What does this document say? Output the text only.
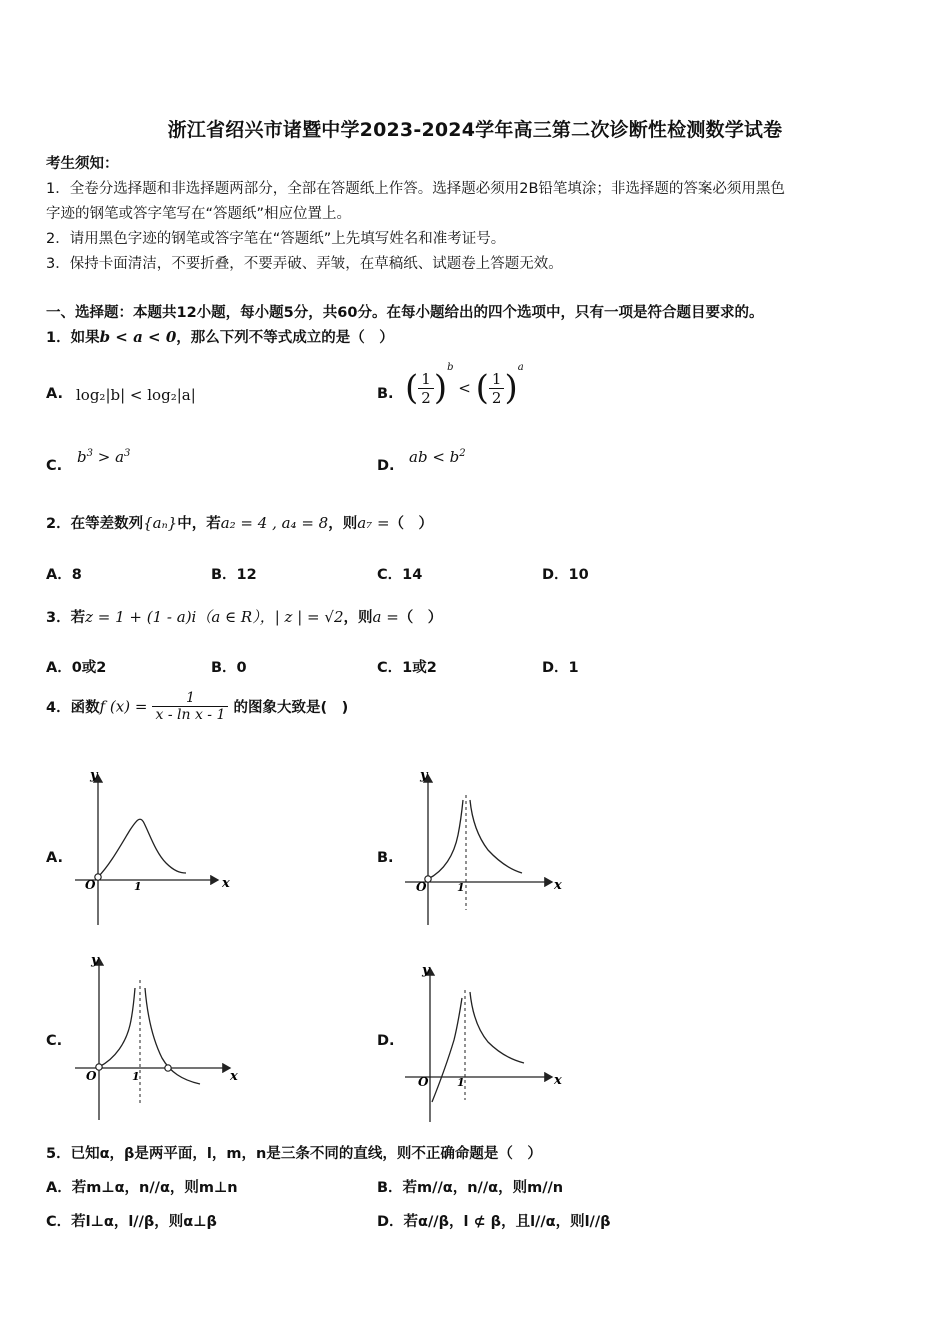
浙江省绍兴市诸暨中学2023-2024学年高三第二次诊断性检测数学试卷
考生须知：
1．全卷分选择题和非选择题两部分，全部在答题纸上作答。选择题必须用2B铅笔填涂；非选择题的答案必须用黑色
字迹的钢笔或答字笔写在“答题纸”相应位置上。
2．请用黑色字迹的钢笔或答字笔在“答题纸”上先填写姓名和准考证号。
3．保持卡面清洁，不要折叠，不要弄破、弄皱，在草稿纸、试题卷上答题无效。
一、选择题：本题共12小题，每小题5分，共60分。在每小题给出的四个选项中，只有一项是符合题目要求的。
1．如果b < a < 0，那么下列不等式成立的是（　）
A. log₂|b| < log₂|a|	B. ( $\frac{1}{2} )^b$ < ( $\frac{1}{2} )^a$
C. $b^3 > a^3$
D. ab < $b^2$
2．在等差数列{aₙ}中，若a₂ = 4 , a₄ = 8，则a₇ =（　）
A．8	B．12	C．14	D．10
3．若z = 1 + (1 - a)i（a ∈ R），| z | = √2，则a =（　）
A．0或2	B．0	C．1或2	D．1
4．函数f $(x) = \frac{1}{\text{x - ln x - 1}}$ 的图象大致是(　)
A.	B.
C.	D.
x
y
O	1	x
y
O	1
x
y
O	1	x
y
O	1
5．已知α，β是两平面，l，m，n是三条不同的直线，则不正确命题是（　）
A．若m⊥α，n//α，则m⊥n	B．若m//α，n//α，则m//n
C．若l⊥α，l//β，则α⊥β	D．若α//β，l ⊄ β，且l//α，则l//β
